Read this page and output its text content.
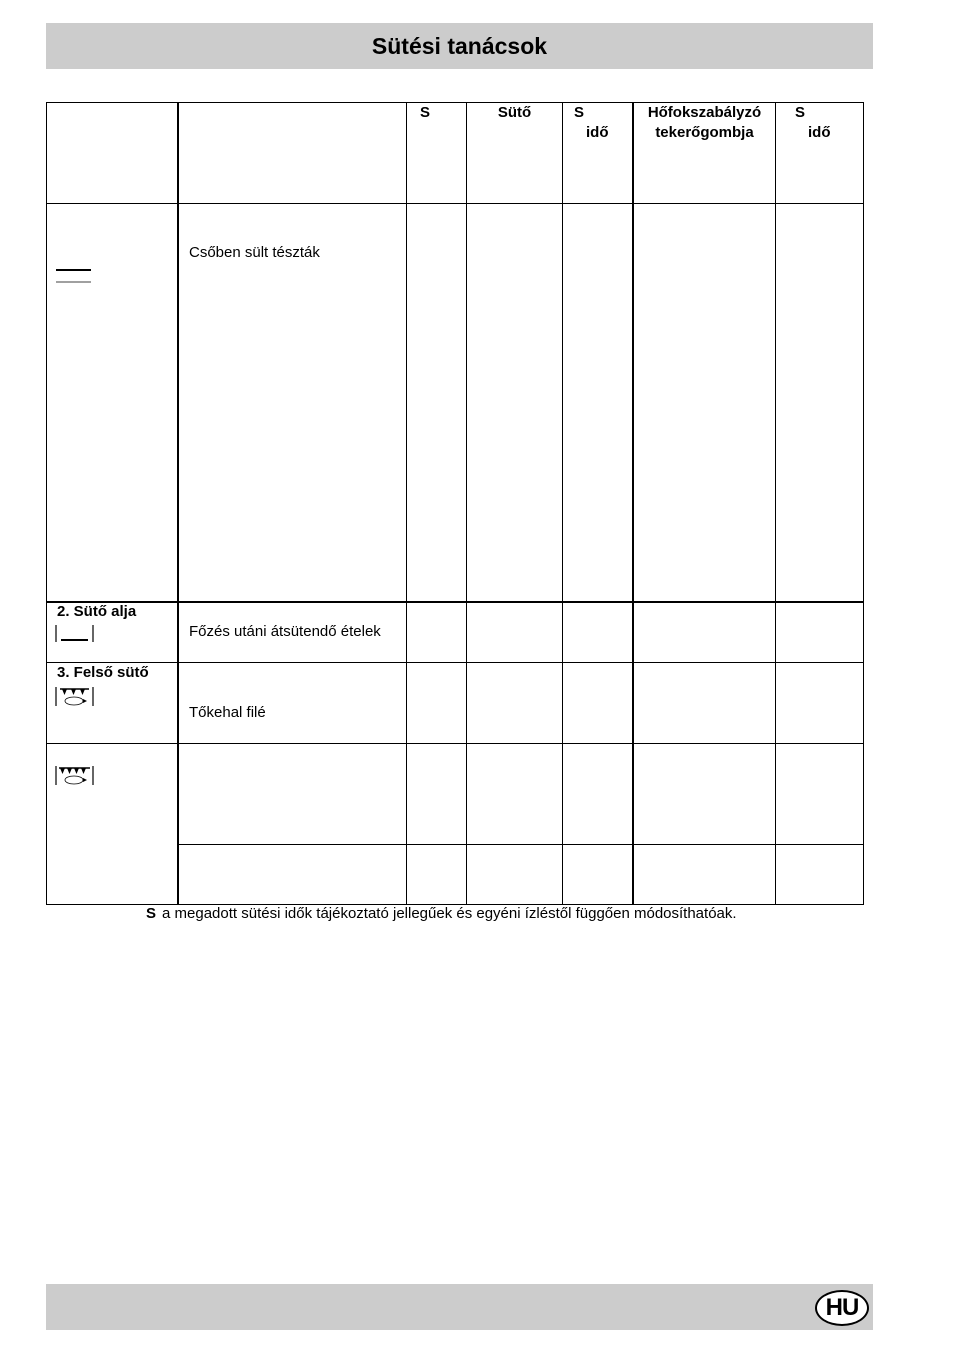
Sütési tanácsok
S	Sütő	S
idő
Hőfokszabályzó
tekerőgombja
S
idő
Csőben sült tészták
2. Sütő alja
Főzés utáni átsütendő ételek
3. Felső sütő
Tőkehal filé
S a megadott sütési idők tájékoztató jellegűek és egyéni ízléstől függően módosíthatóak.
HU
